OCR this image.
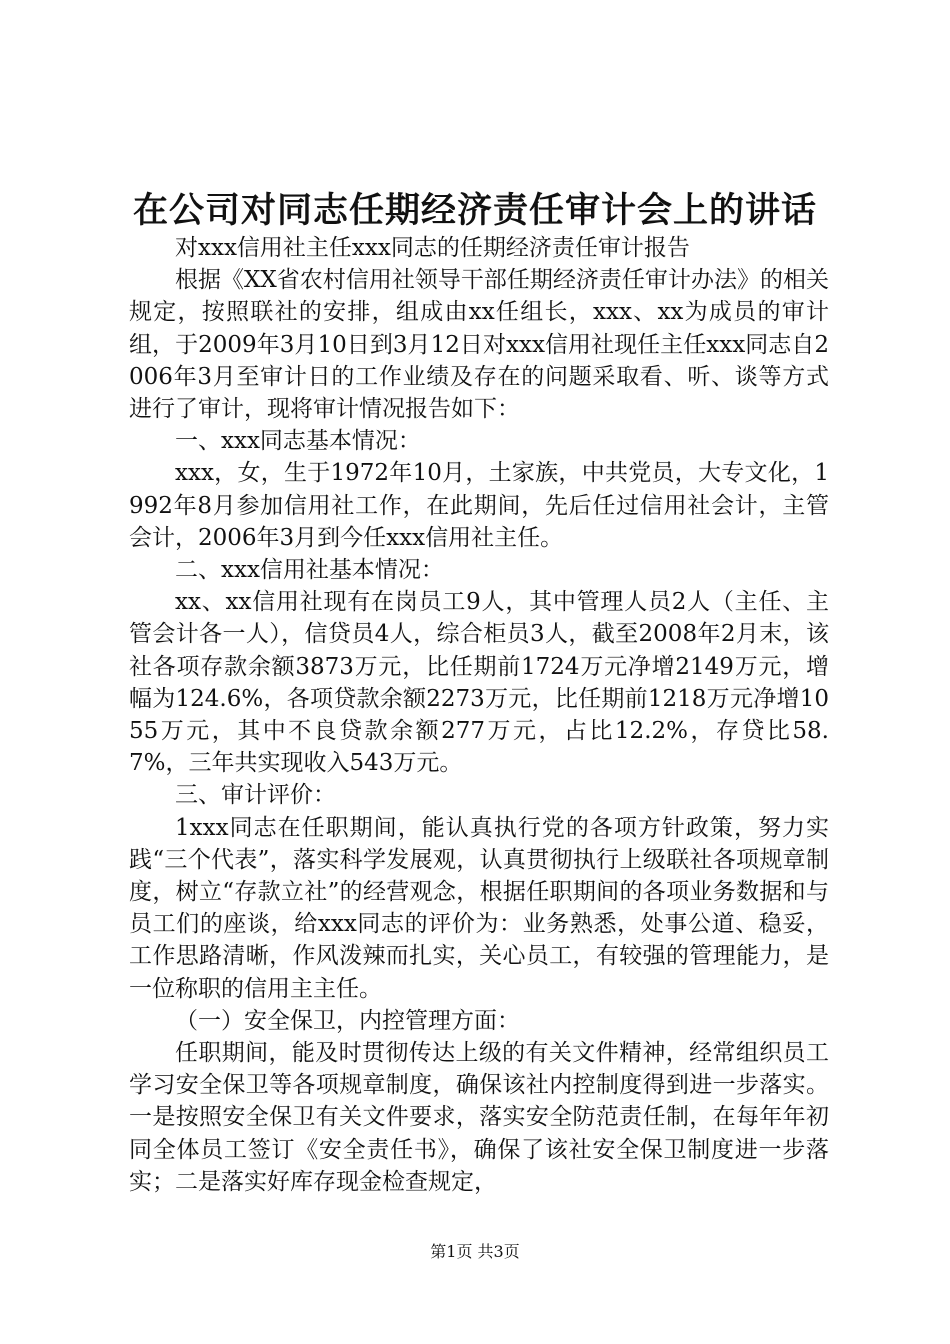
在公司对同志任期经济责任审计会上的讲话

对xxx信用社主任xxx同志的任期经济责任审计报告

根据《XX省农村信用社领导干部任期经济责任审计办法》的相关规定，按照联社的安排，组成由xx任组长，xxx、xx为成员的审计组，于2009年3月10日到3月12日对xxx信用社现任主任xxx同志自2006年3月至审计日的工作业绩及存在的问题采取看、听、谈等方式进行了审计，现将审计情况报告如下：

一、xxx同志基本情况：

xxx，女，生于1972年10月，土家族，中共党员，大专文化，1992年8月参加信用社工作，在此期间，先后任过信用社会计，主管会计，2006年3月到今任xxx信用社主任。

二、xxx信用社基本情况：

xx、xx信用社现有在岗员工9人，其中管理人员2人（主任、主管会计各一人），信贷员4人，综合柜员3人，截至2008年2月末，该社各项存款余额3873万元，比任期前1724万元净增2149万元，增幅为124.6%，各项贷款余额2273万元，比任期前1218万元净增1055万元，其中不良贷款余额277万元，占比12.2%，存贷比58.7%，三年共实现收入543万元。

三、审计评价：

1xxx同志在任职期间，能认真执行党的各项方针政策，努力实践“三个代表”，落实科学发展观，认真贯彻执行上级联社各项规章制度，树立“存款立社”的经营观念，根据任职期间的各项业务数据和与员工们的座谈，给xxx同志的评价为：业务熟悉，处事公道、稳妥，工作思路清晰，作风泼辣而扎实，关心员工，有较强的管理能力，是一位称职的信用主主任。

（一）安全保卫，内控管理方面：

任职期间，能及时贯彻传达上级的有关文件精神，经常组织员工学习安全保卫等各项规章制度，确保该社内控制度得到进一步落实。一是按照安全保卫有关文件要求，落实安全防范责任制，在每年年初同全体员工签订《安全责任书》，确保了该社安全保卫制度进一步落实；二是落实好库存现金检查规定，

第1页 共3页
